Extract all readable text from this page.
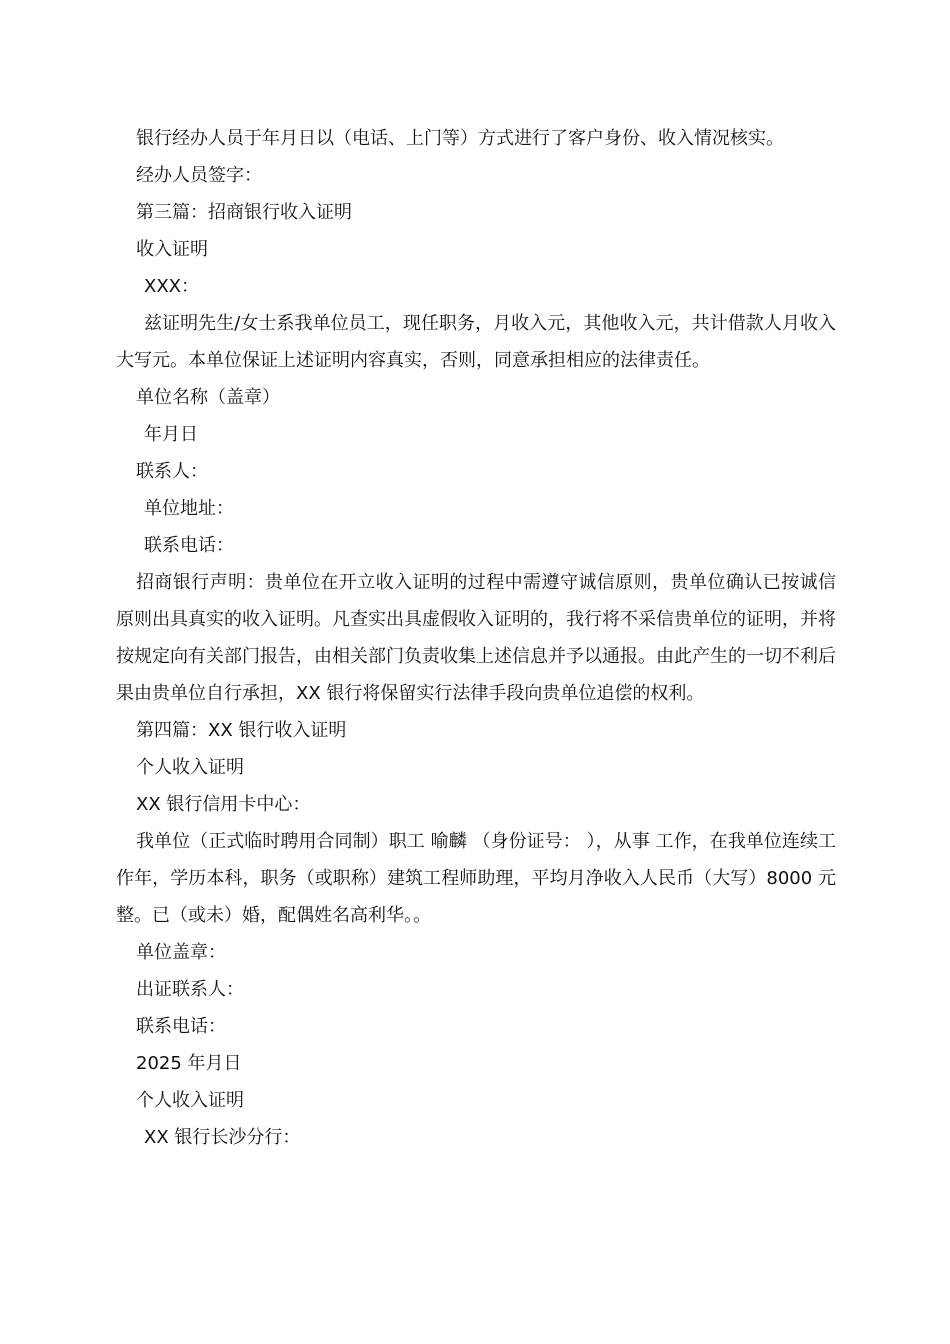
银行经办人员于年月日以（电话、上门等）方式进行了客户身份、收入情况核实。

经办人员签字：

第三篇：招商银行收入证明

收入证明

XXX：

兹证明先生/女士系我单位员工，现任职务，月收入元，其他收入元，共计借款人月收入大写元。本单位保证上述证明内容真实，否则，同意承担相应的法律责任。

单位名称（盖章）

年月日

联系人：

单位地址：

联系电话：

招商银行声明：贵单位在开立收入证明的过程中需遵守诚信原则，贵单位确认已按诚信原则出具真实的收入证明。凡查实出具虚假收入证明的，我行将不采信贵单位的证明，并将按规定向有关部门报告，由相关部门负责收集上述信息并予以通报。由此产生的一切不利后果由贵单位自行承担，XX 银行将保留实行法律手段向贵单位追偿的权利。

第四篇：XX 银行收入证明

个人收入证明

XX 银行信用卡中心：

我单位（正式临时聘用合同制）职工 喻麟 （身份证号： ），从事 工作，在我单位连续工作年，学历本科，职务（或职称）建筑工程师助理，平均月净收入人民币（大写）8000 元整。已（或未）婚，配偶姓名高利华。。

单位盖章：

出证联系人：

联系电话：

2025 年月日

个人收入证明

XX 银行长沙分行：
